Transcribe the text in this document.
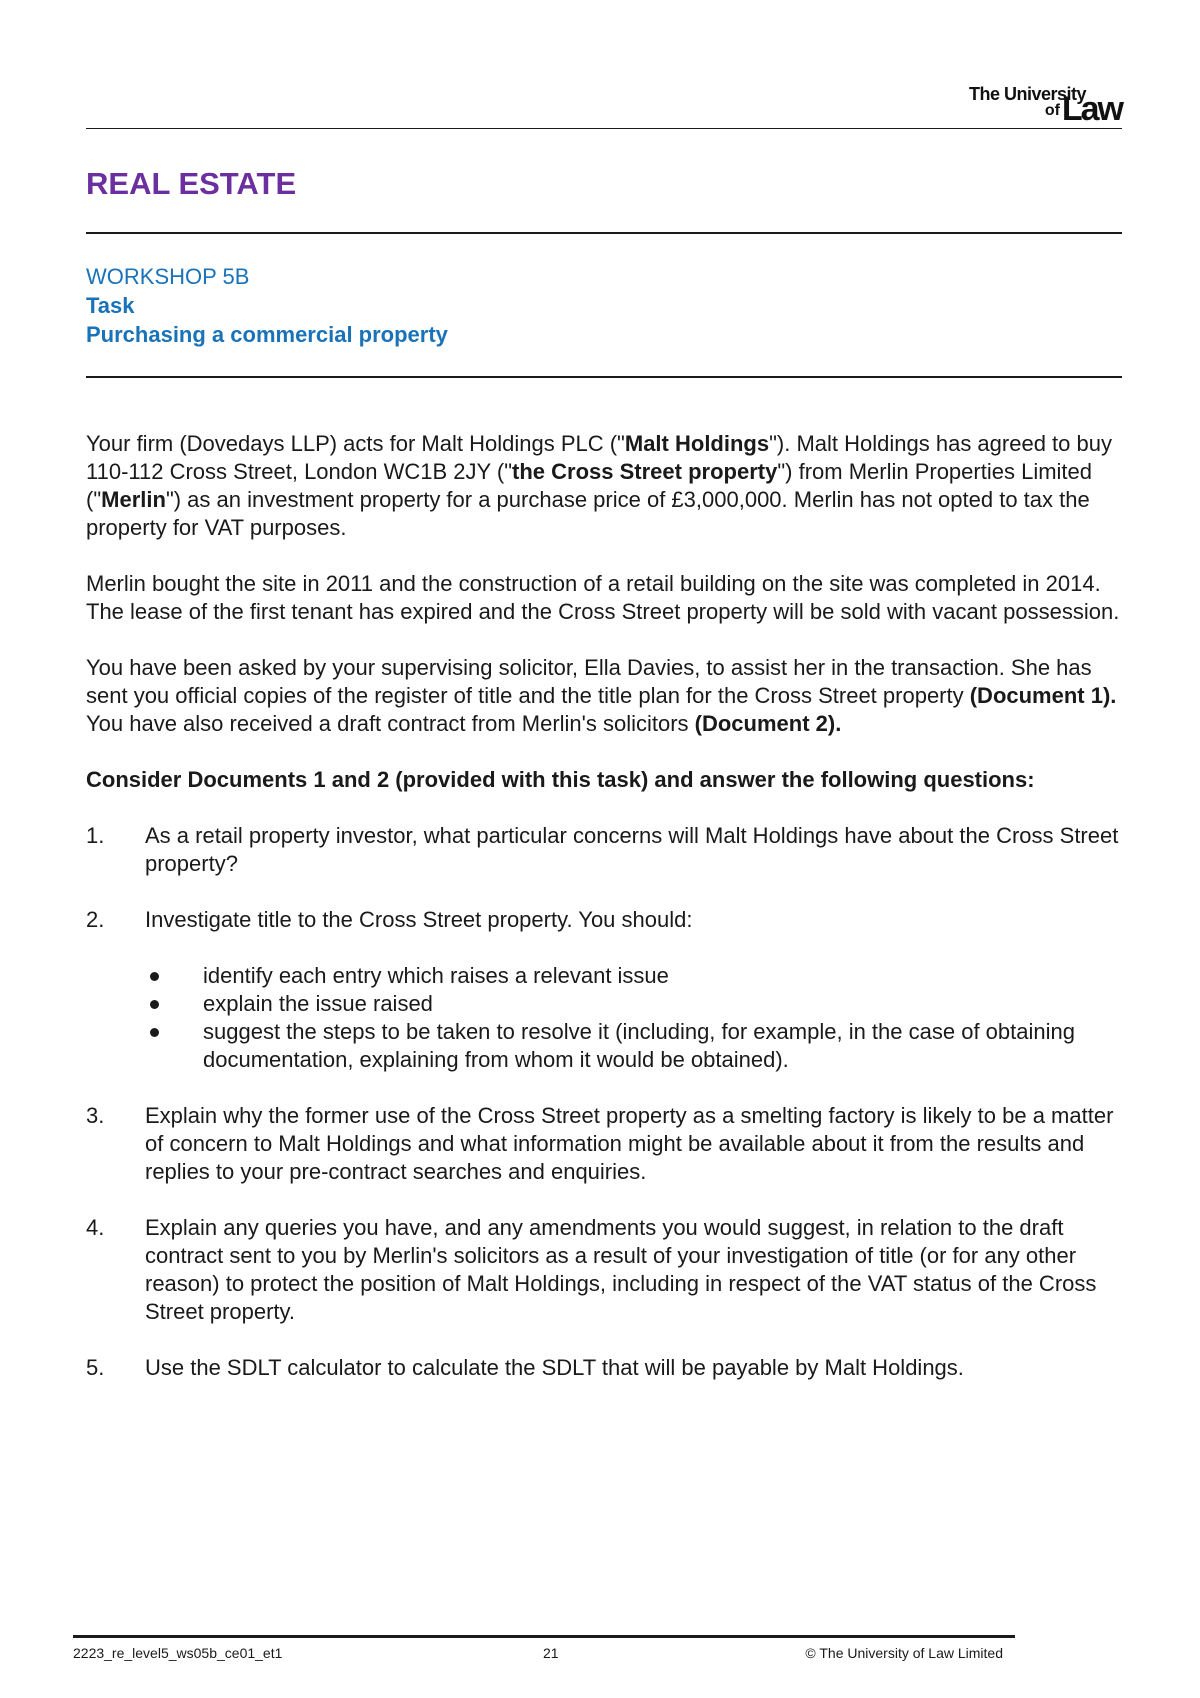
The University
of Law
REAL ESTATE
WORKSHOP 5B
Task
Purchasing a commercial property

Your firm (Dovedays LLP) acts for Malt Holdings PLC ("Malt Holdings"). Malt Holdings has agreed to buy 110-112 Cross Street, London WC1B 2JY ("the Cross Street property") from Merlin Properties Limited ("Merlin") as an investment property for a purchase price of £3,000,000. Merlin has not opted to tax the property for VAT purposes.

Merlin bought the site in 2011 and the construction of a retail building on the site was completed in 2014. The lease of the first tenant has expired and the Cross Street property will be sold with vacant possession.

You have been asked by your supervising solicitor, Ella Davies, to assist her in the transaction. She has sent you official copies of the register of title and the title plan for the Cross Street property (Document 1). You have also received a draft contract from Merlin's solicitors (Document 2).

Consider Documents 1 and 2 (provided with this task) and answer the following questions:

1. As a retail property investor, what particular concerns will Malt Holdings have about the Cross Street property?
2. Investigate title to the Cross Street property. You should:
identify each entry which raises a relevant issue
explain the issue raised
suggest the steps to be taken to resolve it (including, for example, in the case of obtaining documentation, explaining from whom it would be obtained).
3. Explain why the former use of the Cross Street property as a smelting factory is likely to be a matter of concern to Malt Holdings and what information might be available about it from the results and replies to your pre-contract searches and enquiries.
4. Explain any queries you have, and any amendments you would suggest, in relation to the draft contract sent to you by Merlin's solicitors as a result of your investigation of title (or for any other reason) to protect the position of Malt Holdings, including in respect of the VAT status of the Cross Street property.
5. Use the SDLT calculator to calculate the SDLT that will be payable by Malt Holdings.
2223_re_level5_ws05b_ce01_et1	21	© The University of Law Limited
